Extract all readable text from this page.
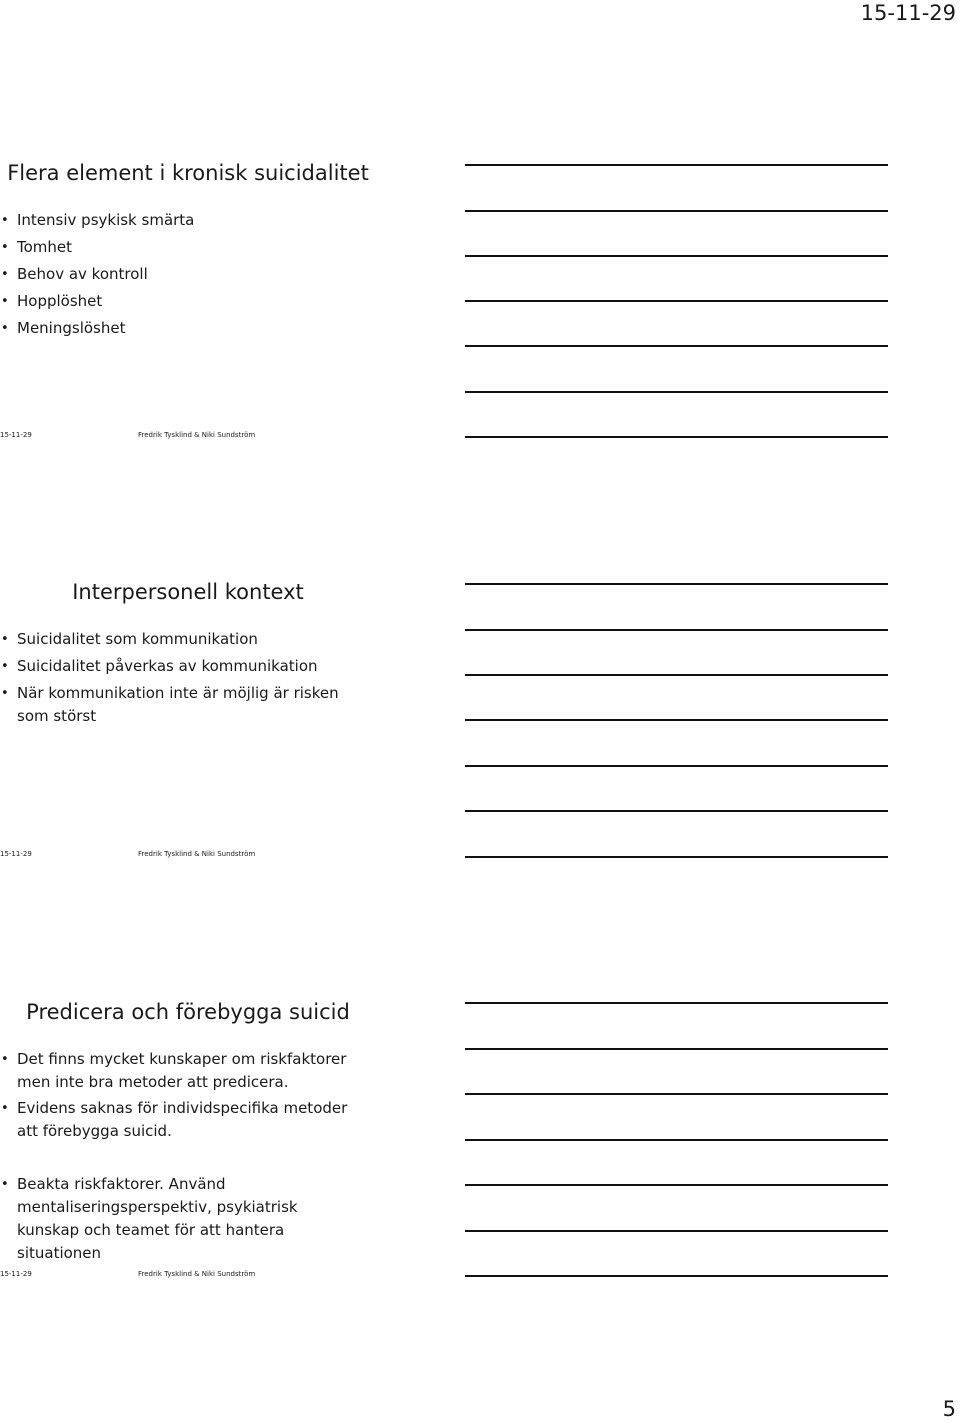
15-11-29
Flera element i kronisk suicidalitet
• Intensiv psykisk smärta
• Tomhet
• Behov av kontroll
• Hopplöshet
• Meningslöshet
15-11-29	Fredrik Tysklind & Niki Sundström
Interpersonell kontext
• Suicidalitet som kommunikation
• Suicidalitet påverkas av kommunikation
• När kommunikation inte är möjlig är risken som störst
15-11-29	Fredrik Tysklind & Niki Sundström
Predicera och förebygga suicid
• Det finns mycket kunskaper om riskfaktorer men inte bra metoder att predicera.
• Evidens saknas för individspecifika metoder att förebygga suicid.
• Beakta riskfaktorer. Använd mentaliseringsperspektiv, psykiatrisk kunskap och teamet för att hantera situationen
15-11-29	Fredrik Tysklind & Niki Sundström
5
